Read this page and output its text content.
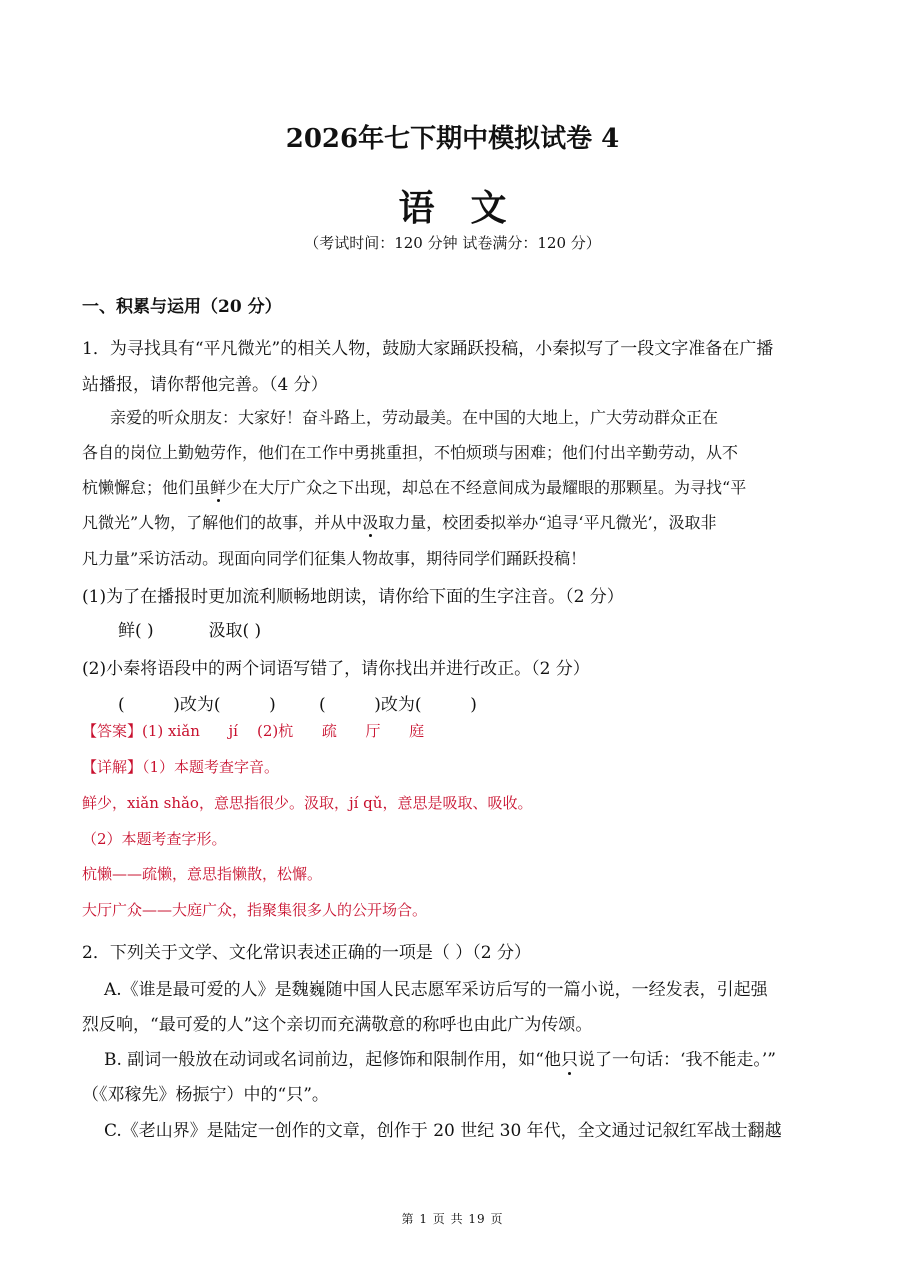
2026年七下期中模拟试卷 4
语文
（考试时间：120 分钟 试卷满分：120 分）
一、积累与运用（20 分）
1．为寻找具有“平凡微光”的相关人物，鼓励大家踊跃投稿，小秦拟写了一段文字准备在广播
站播报，请你帮他完善。（4 分）
亲爱的听众朋友：大家好！奋斗路上，劳动最美。在中国的大地上，广大劳动群众正在
各自的岗位上勤勉劳作，他们在工作中勇挑重担，不怕烦琐与困难；他们付出辛勤劳动，从不
杭懒懈怠；他们虽鲜少在大厅广众之下出现，却总在不经意间成为最耀眼的那颗星。为寻找“平
凡微光”人物，了解他们的故事，并从中汲取力量，校团委拟举办“追寻‘平凡微光’，汲取非
凡力量”采访活动。现面向同学们征集人物故事，期待同学们踊跃投稿！
(1)为了在播报时更加流利顺畅地朗读，请你给下面的生字注音。（2 分）
鲜( )	汲取( )
(2)小秦将语段中的两个词语写错了，请你找出并进行改正。（2 分）
(         )改为(         )        (         )改为(         )
【答案】(1) xiǎn      jí    (2)杭      疏      厅      庭
【详解】（1）本题考查字音。
鲜少，xiǎn shǎo，意思指很少。汲取，jí qǔ，意思是吸取、吸收。
（2）本题考查字形。
杭懒——疏懒，意思指懒散，松懈。
大厅广众——大庭广众，指聚集很多人的公开场合。
2．下列关于文学、文化常识表述正确的一项是（ ）（2 分）
A.《谁是最可爱的人》是魏巍随中国人民志愿军采访后写的一篇小说，一经发表，引起强
烈反响，“最可爱的人”这个亲切而充满敬意的称呼也由此广为传颂。
B. 副词一般放在动词或名词前边，起修饰和限制作用，如“他只说了一句话：‘我不能走。’”
（《邓稼先》杨振宁）中的“只”。
C.《老山界》是陆定一创作的文章，创作于 20 世纪 30 年代，全文通过记叙红军战士翻越
第 1 页 共 19 页
